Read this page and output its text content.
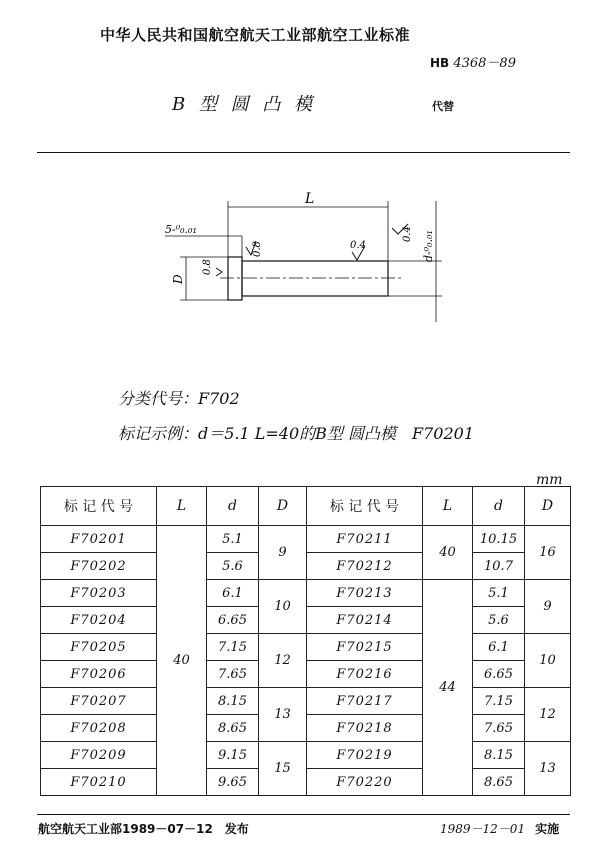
中华人民共和国航空航天工业部航空工业标准
HB 4368－89
B 型 圆 凸 模	代替
L
5-⁰₀.₀₁
0.4
0.8
0.8
0.4 d-⁰₀.₀₁
D
分类代号：F702
标记示例：d＝5.1 L=40的B型 圆凸模　F70201
mm
标 记 代 号	L	d	D	标 记 代 号	L	d	D
F70201	40	5.1	9	F70211	40	10.15	16
F70202		5.6		F70212		10.7	
F70203		6.1	10	F70213	44	5.1	9
F70204		6.65		F70214		5.6	
F70205		7.15	12	F70215		6.1	10
F70206		7.65		F70216		6.65	
F70207		8.15	13	F70217		7.15	12
F70208		8.65		F70218		7.65	
F70209		9.15	15	F70219		8.15	13
F70210		9.65		F70220		8.65	
航空航天工业部1989－07－12　发布	1989－12－01 实施
